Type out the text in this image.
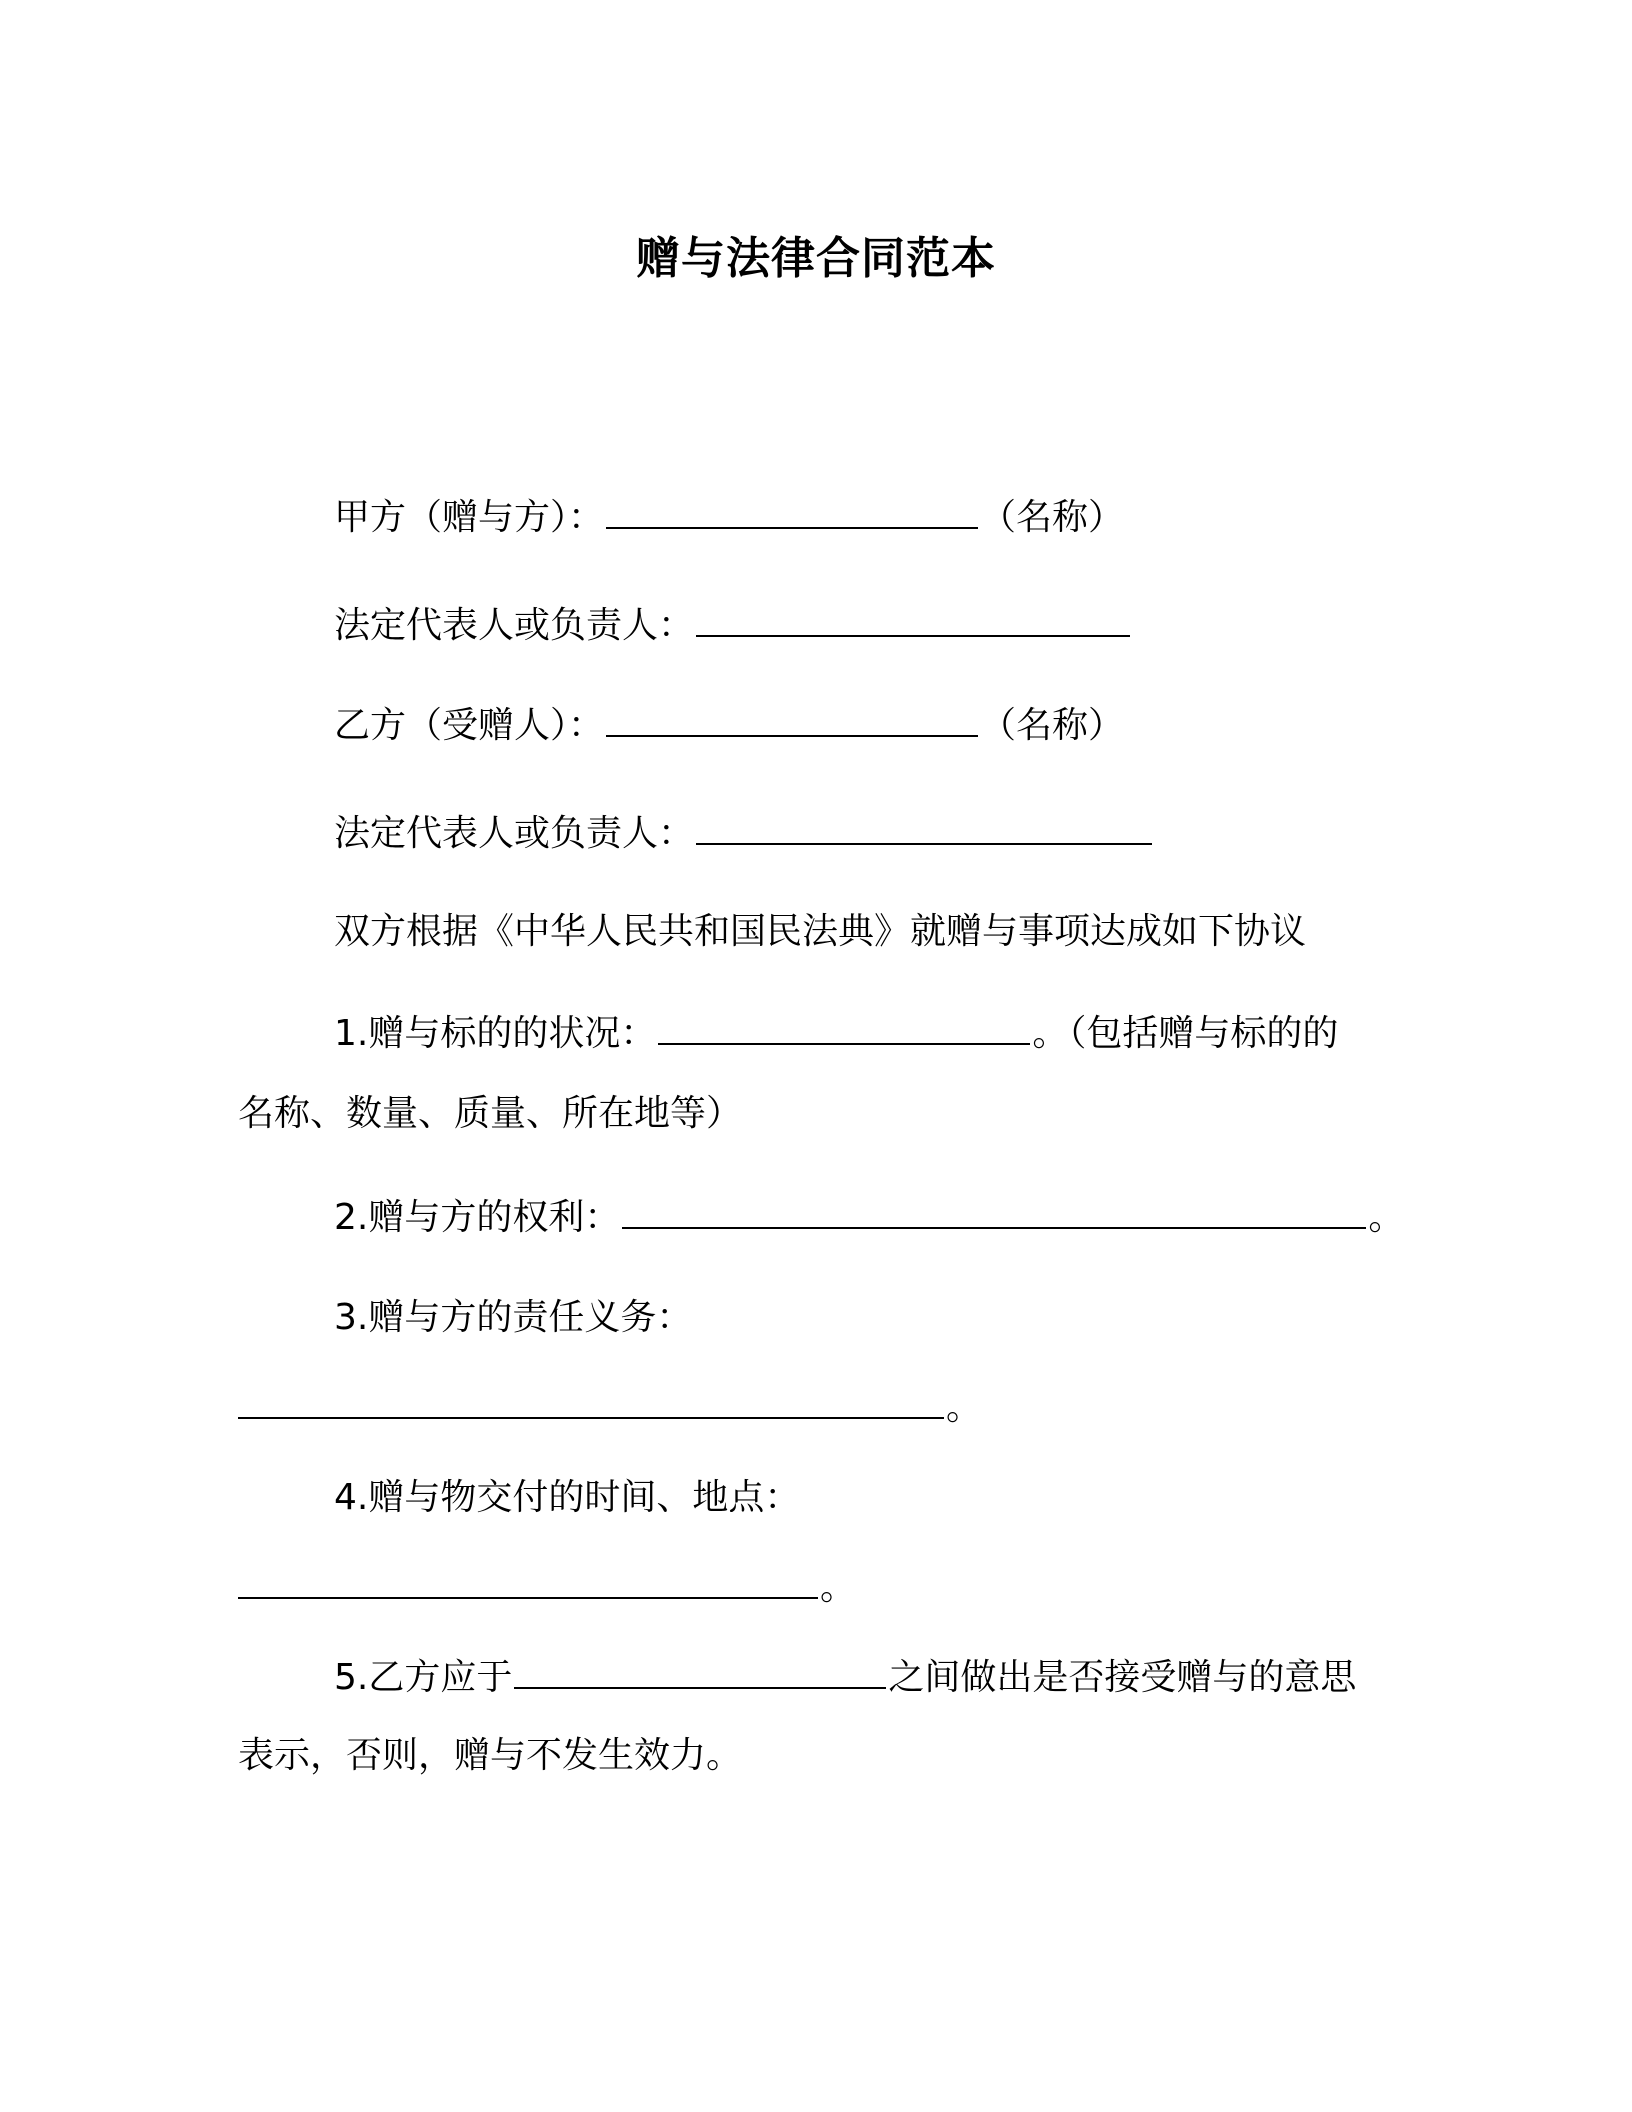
赠与法律合同范本
甲方（赠与方）：	（名称）
法定代表人或负责人：
乙方（受赠人）：	（名称）
法定代表人或负责人：
双方根据《中华人民共和国民法典》就赠与事项达成如下协议
1.赠与标的的状况：	。（包括赠与标的的
名称、数量、质量、所在地等）
2.赠与方的权利：	。
3.赠与方的责任义务：
。
4.赠与物交付的时间、地点：
。
5.乙方应于	之间做出是否接受赠与的意思
表示，否则，赠与不发生效力。
